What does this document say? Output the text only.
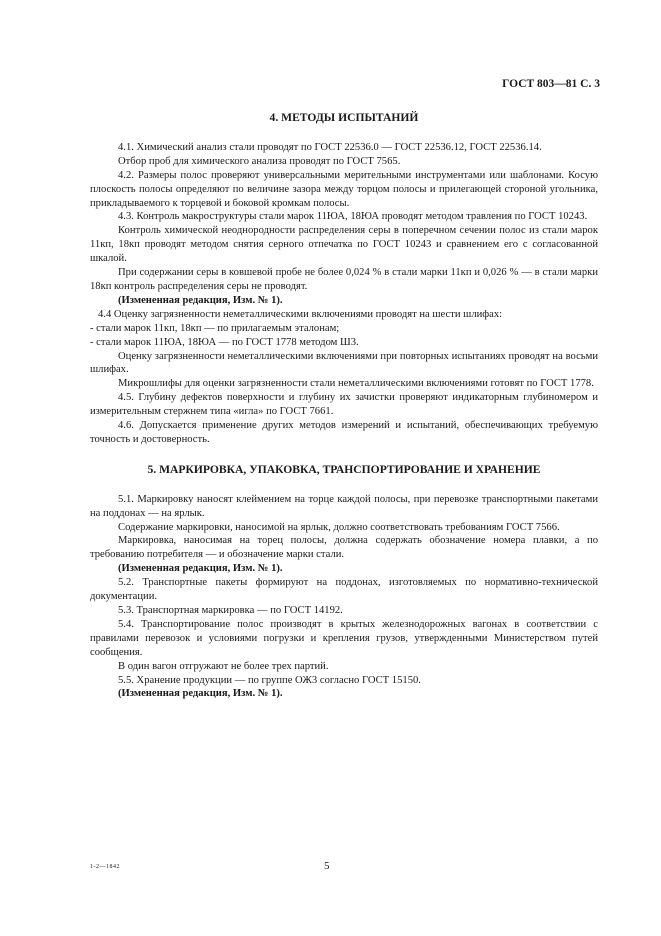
ГОСТ 803—81 С. 3
4. МЕТОДЫ ИСПЫТАНИЙ

4.1. Химический анализ стали проводят по ГОСТ 22536.0 — ГОСТ 22536.12, ГОСТ 22536.14.

Отбор проб для химического анализа проводят по ГОСТ 7565.

4.2. Размеры полос проверяют универсальными мерительными инструментами или шаблонами. Косую плоскость полосы определяют по величине зазора между торцом полосы и прилегающей стороной угольника, прикладываемого к торцевой и боковой кромкам полосы.

4.3. Контроль макроструктуры стали марок 11ЮА, 18ЮА проводят методом травления по ГОСТ 10243.

Контроль химической неоднородности распределения серы в поперечном сечении полос из стали марок 11кп, 18кп проводят методом снятия серного отпечатка по ГОСТ 10243 и сравнением его с согласованной шкалой.

При содержании серы в ковшевой пробе не более 0,024 % в стали марки 11кп и 0,026 % — в стали марки 18кп контроль распределения серы не проводят.

(Измененная редакция, Изм. № 1).

4.4 Оценку загрязненности неметаллическими включениями проводят на шести шлифах:

- стали марок 11кп, 18кп — по прилагаемым эталонам;

- стали марок 11ЮА, 18ЮА — по ГОСТ 1778 методом Ш3.

Оценку загрязненности неметаллическими включениями при повторных испытаниях проводят на восьми шлифах.

Микрошлифы для оценки загрязненности стали неметаллическими включениями готовят по ГОСТ 1778.

4.5. Глубину дефектов поверхности и глубину их зачистки проверяют индикаторным глубиномером и измерительным стержнем типа «игла» по ГОСТ 7661.

4.6. Допускается применение других методов измерений и испытаний, обеспечивающих требуемую точность и достоверность.

5. МАРКИРОВКА, УПАКОВКА, ТРАНСПОРТИРОВАНИЕ И ХРАНЕНИЕ

5.1. Маркировку наносят клеймением на торце каждой полосы, при перевозке транспортными пакетами на поддонах — на ярлык.

Содержание маркировки, наносимой на ярлык, должно соответствовать требованиям ГОСТ 7566.

Маркировка, наносимая на торец полосы, должна содержать обозначение номера плавки, а по требованию потребителя — и обозначение марки стали.

(Измененная редакция, Изм. № 1).

5.2. Транспортные пакеты формируют на поддонах, изготовляемых по нормативно-технической документации.

5.3. Транспортная маркировка — по ГОСТ 14192.

5.4. Транспортирование полос производят в крытых железнодорожных вагонах в соответствии с правилами перевозок и условиями погрузки и крепления грузов, утвержденными Министерством путей сообщения.

В один вагон отгружают не более трех партий.

5.5. Хранение продукции — по группе ОЖ3 согласно ГОСТ 15150.

(Измененная редакция, Изм. № 1).

1-2—1842	5
